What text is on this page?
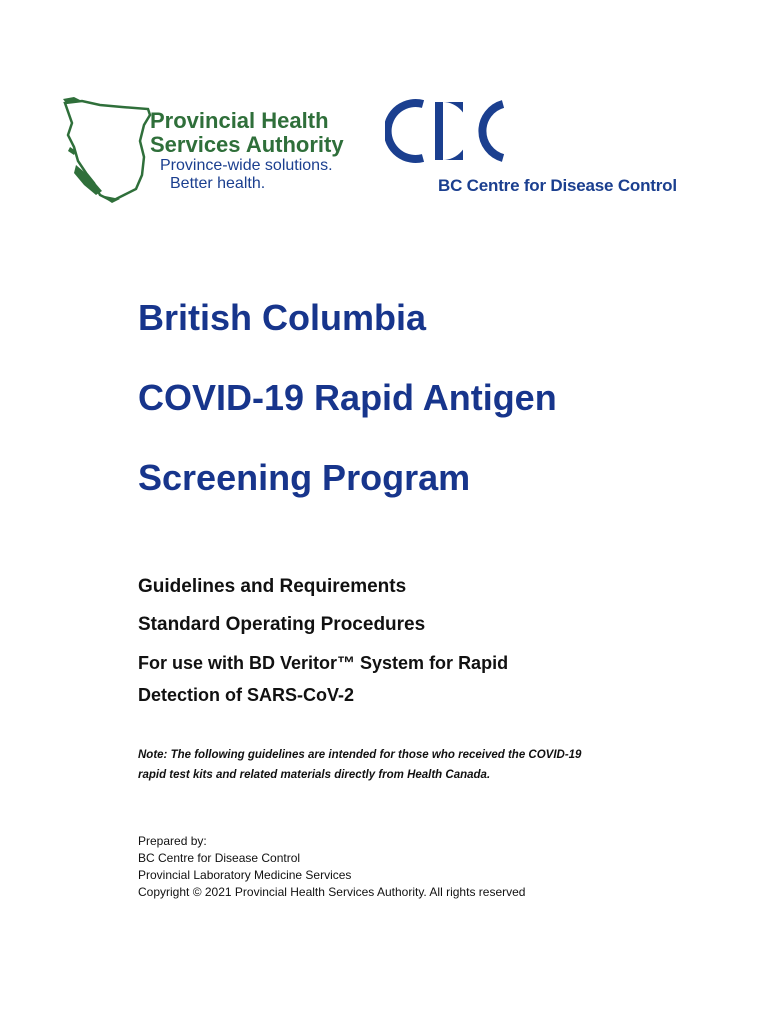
Provincial Health
Services Authority
Province-wide solutions.
Better health.	BC Centre for Disease Control
British Columbia
COVID-19 Rapid Antigen
Screening Program
Guidelines and Requirements
Standard Operating Procedures
For use with BD Veritor™ System for Rapid
Detection of SARS-CoV-2
Note: The following guidelines are intended for those who received the COVID-19
rapid test kits and related materials directly from Health Canada.
Prepared by:
BC Centre for Disease Control
Provincial Laboratory Medicine Services
Copyright © 2021 Provincial Health Services Authority. All rights reserved
